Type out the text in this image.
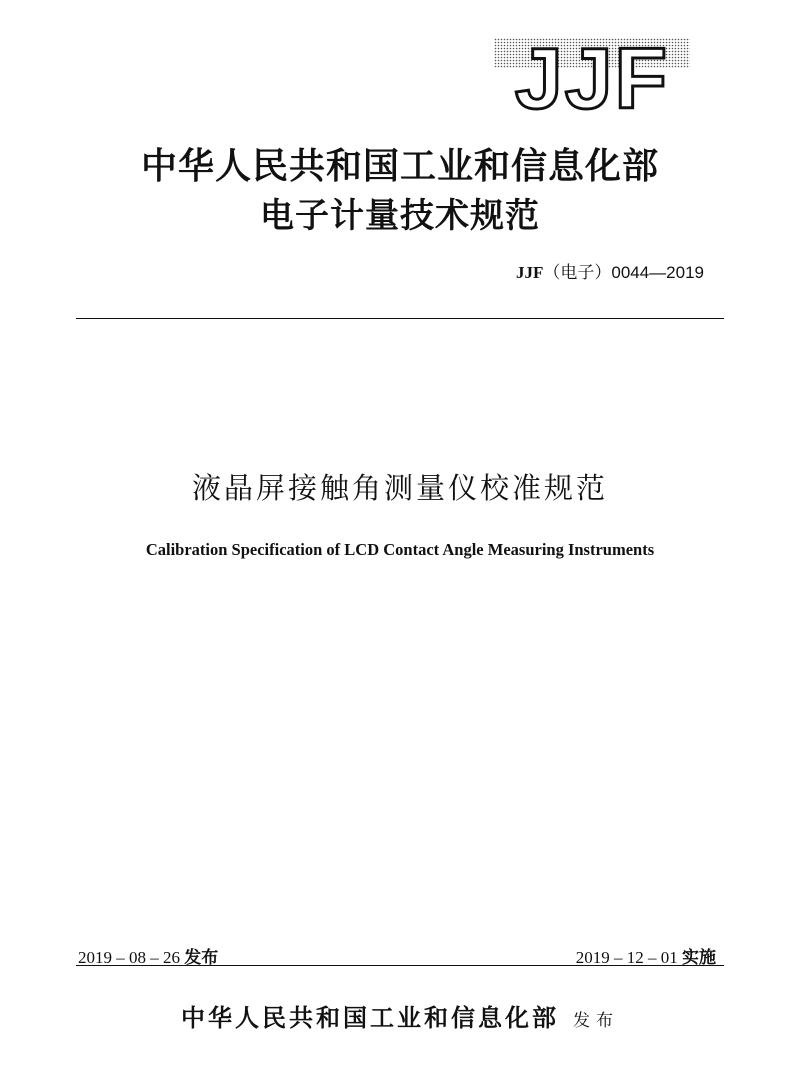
JJF
中华人民共和国工业和信息化部
电子计量技术规范
JJF（电子）0044—2019
液晶屏接触角测量仪校准规范
Calibration Specification of LCD Contact Angle Measuring Instruments
2019 – 08 – 26 发布	2019 – 12 – 01 实施
中华人民共和国工业和信息化部 发布
